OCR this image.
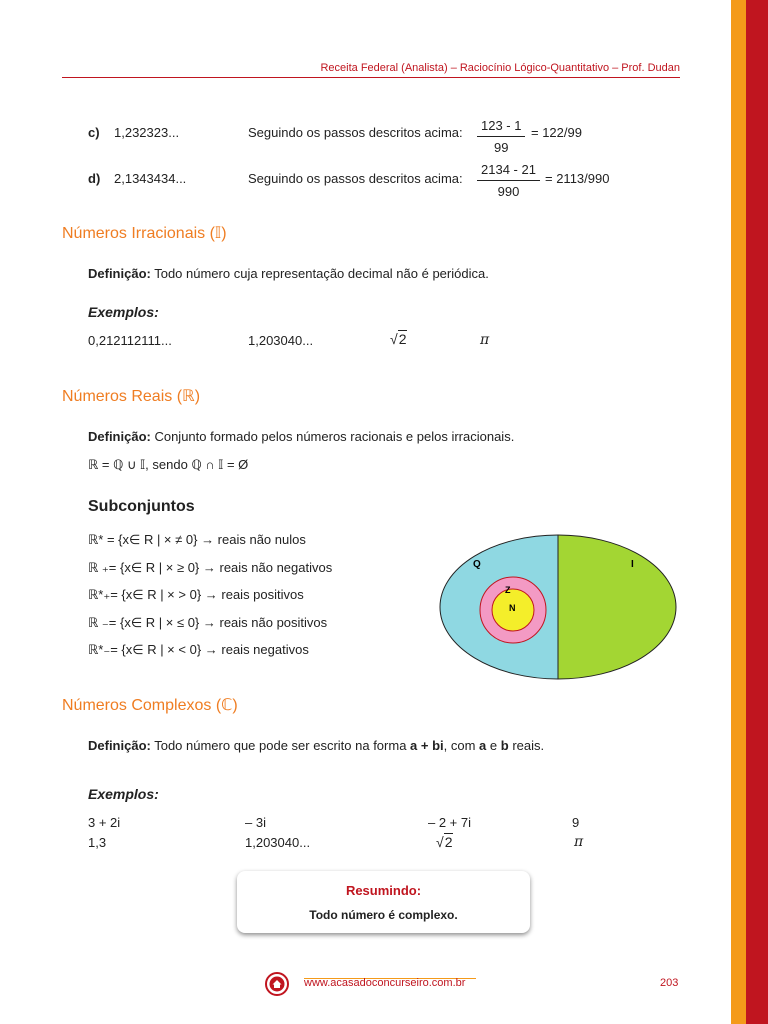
Receita Federal (Analista) – Raciocínio Lógico-Quantitativo – Prof. Dudan
c) 1,232323...	Seguindo os passos descritos acima: $\frac{123 - 1}{99} = 122/99$
d) 2,1343434...	Seguindo os passos descritos acima: $\frac{2134 - 21}{990} = 2113/990$
Números Irracionais (𝕀)
Definição: Todo número cuja representação decimal não é periódica.
Exemplos:
0,212112111...	1,203040...	√2	π
Números Reais (ℝ)
Definição: Conjunto formado pelos números racionais e pelos irracionais.
ℝ = ℚ ∪ 𝕀, sendo ℚ ∩ 𝕀 = Ø
Subconjuntos
ℝ* = {x∈ R | × ≠ 0} → reais não nulos
ℝ ₊= {x∈ R | × ≥ 0} → reais não negativos
ℝ*₊= {x∈ R | × > 0} → reais positivos
ℝ ₋= {x∈ R | × ≤ 0} → reais não positivos
ℝ*₋= {x∈ R | × < 0} → reais negativos
Q	I
Z
N
Números Complexos (ℂ)
Definição: Todo número que pode ser escrito na forma a + bi, com a e b reais.
Exemplos:
3 + 2i	– 3i	– 2 + 7i	9
1,3	1,203040...	√2	π
Resumindo:
Todo número é complexo.
www.acasadoconcurseiro.com.br	203
